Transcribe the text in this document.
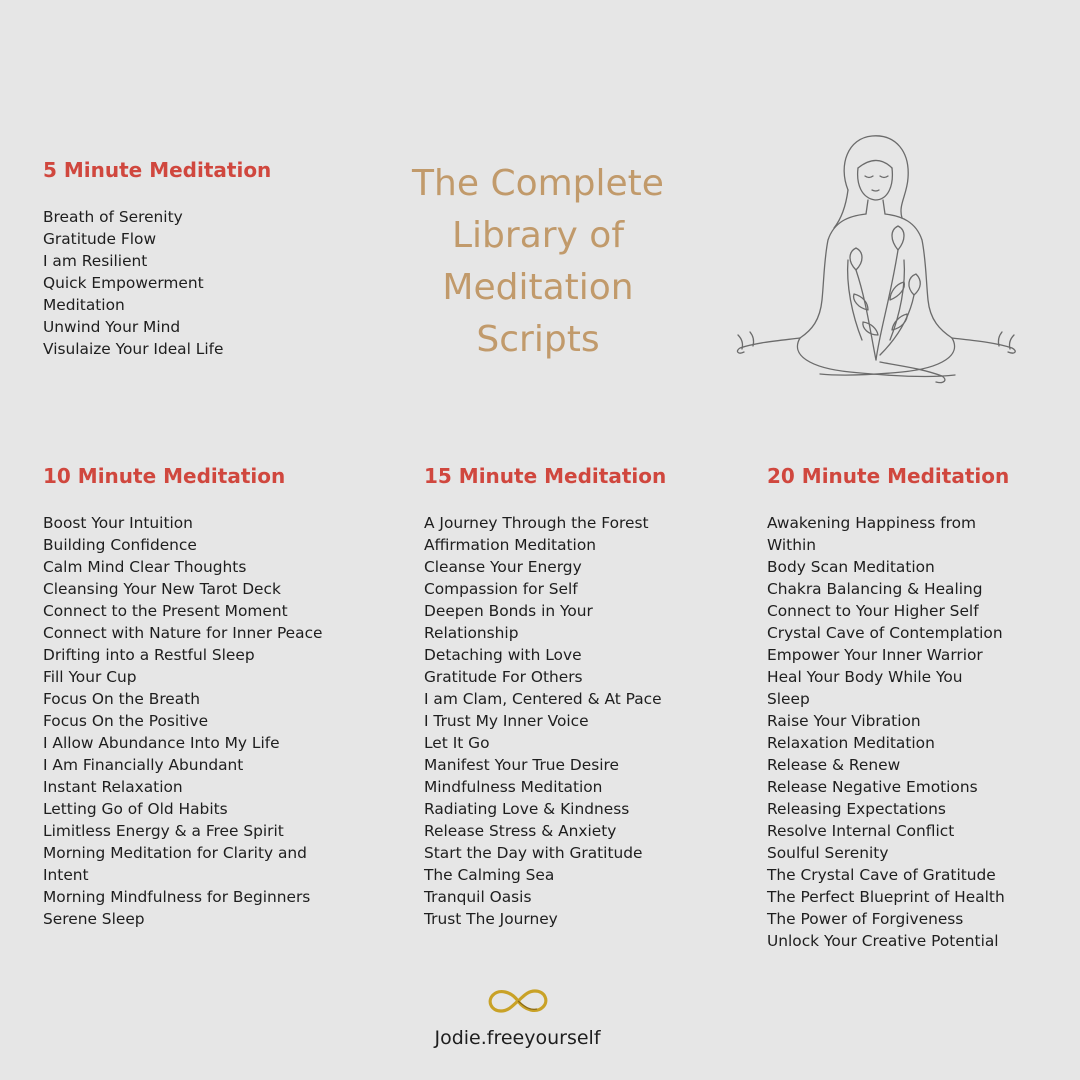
5 Minute Meditation
Breath of Serenity
Gratitude Flow
I am Resilient
Quick Empowerment
Meditation
Unwind Your Mind
Visulaize Your Ideal Life
The Complete
Library of
Meditation
Scripts
10 Minute Meditation
Boost Your Intuition
Building Confidence
Calm Mind Clear Thoughts
Cleansing Your New Tarot Deck
Connect to the Present Moment
Connect with Nature for Inner Peace
Drifting into a Restful Sleep
Fill Your Cup
Focus On the Breath
Focus On the Positive
I Allow Abundance Into My Life
I Am Financially Abundant
Instant Relaxation
Letting Go of Old Habits
Limitless Energy & a Free Spirit
Morning Meditation for Clarity and
Intent
Morning Mindfulness for Beginners
Serene Sleep
15 Minute Meditation
A Journey Through the Forest
Affirmation Meditation
Cleanse Your Energy
Compassion for Self
Deepen Bonds in Your
Relationship
Detaching with Love
Gratitude For Others
I am Clam, Centered & At Pace
I Trust My Inner Voice
Let It Go
Manifest Your True Desire
Mindfulness Meditation
Radiating Love & Kindness
Release Stress & Anxiety
Start the Day with Gratitude
The Calming Sea
Tranquil Oasis
Trust The Journey
20 Minute Meditation
Awakening Happiness from
Within
Body Scan Meditation
Chakra Balancing & Healing
Connect to Your Higher Self
Crystal Cave of Contemplation
Empower Your Inner Warrior
Heal Your Body While You
Sleep
Raise Your Vibration
Relaxation Meditation
Release & Renew
Release Negative Emotions
Releasing Expectations
Resolve Internal Conflict
Soulful Serenity
The Crystal Cave of Gratitude
The Perfect Blueprint of Health
The Power of Forgiveness
Unlock Your Creative Potential
Jodie.freeyourself
